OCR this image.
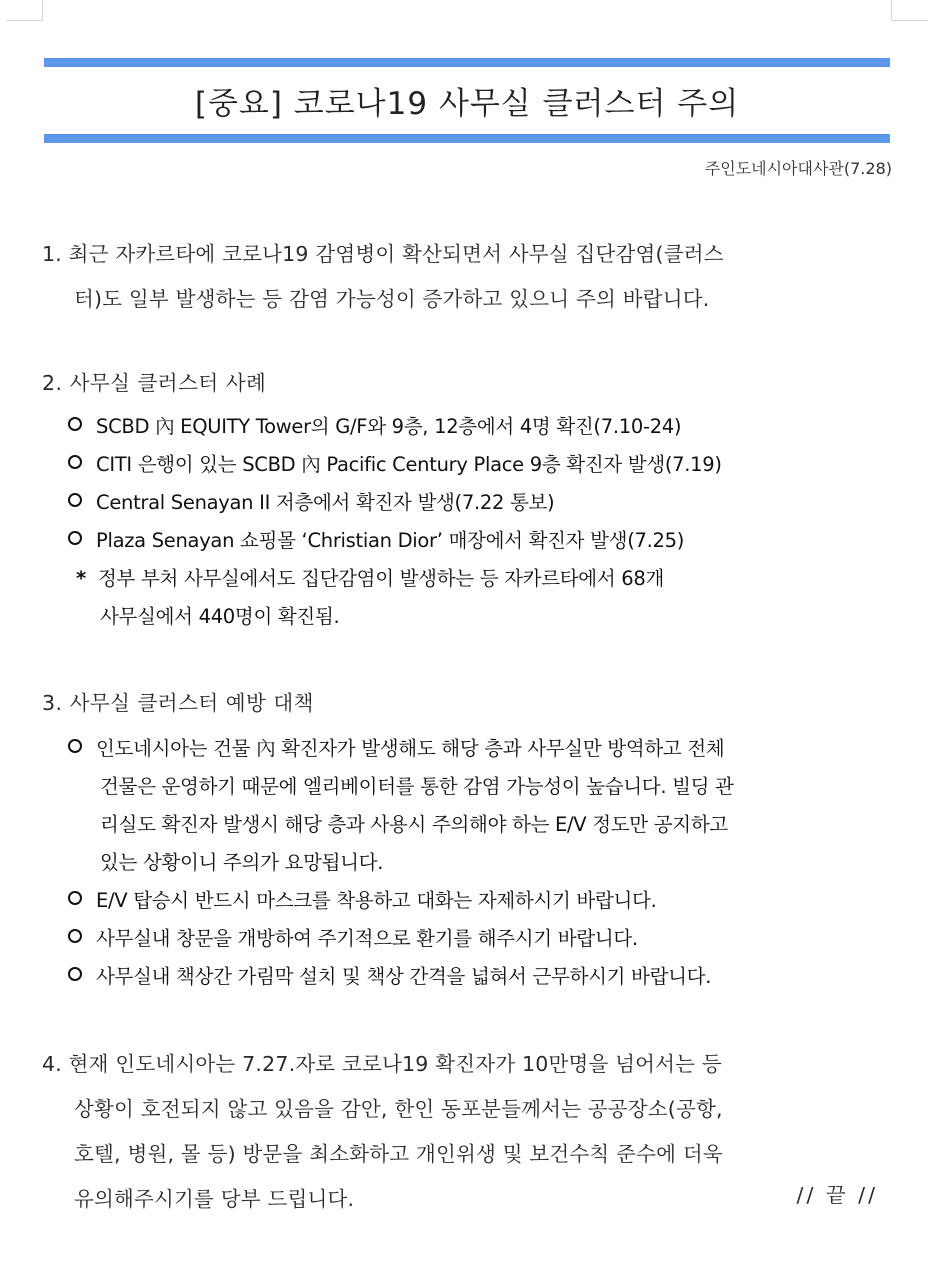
[중요] 코로나19 사무실 클러스터 주의
주인도네시아대사관(7.28)
1. 최근 자카르타에 코로나19 감염병이 확산되면서 사무실 집단감염(클러스
터)도 일부 발생하는 등 감염 가능성이 증가하고 있으니 주의 바랍니다.
2. 사무실 클러스터 사례
SCBD 內 EQUITY Tower의 G/F와 9층, 12층에서 4명 확진(7.10-24)
CITI 은행이 있는 SCBD 內 Pacific Century Place 9층 확진자 발생(7.19)
Central Senayan II 저층에서 확진자 발생(7.22 통보)
Plaza Senayan 쇼핑몰 ‘Christian Dior’ 매장에서 확진자 발생(7.25)
* 정부 부처 사무실에서도 집단감염이 발생하는 등 자카르타에서 68개
사무실에서 440명이 확진됨.
3. 사무실 클러스터 예방 대책
인도네시아는 건물 內 확진자가 발생해도 해당 층과 사무실만 방역하고 전체
건물은 운영하기 때문에 엘리베이터를 통한 감염 가능성이 높습니다. 빌딩 관
리실도 확진자 발생시 해당 층과 사용시 주의해야 하는 E/V 정도만 공지하고
있는 상황이니 주의가 요망됩니다.
E/V 탑승시 반드시 마스크를 착용하고 대화는 자제하시기 바랍니다.
사무실내 창문을 개방하여 주기적으로 환기를 해주시기 바랍니다.
사무실내 책상간 가림막 설치 및 책상 간격을 넓혀서 근무하시기 바랍니다.
4. 현재 인도네시아는 7.27.자로 코로나19 확진자가 10만명을 넘어서는 등
상황이 호전되지 않고 있음을 감안, 한인 동포분들께서는 공공장소(공항,
호텔, 병원, 몰 등) 방문을 최소화하고 개인위생 및 보건수칙 준수에 더욱
유의해주시기를 당부 드립니다.	// 끝 //
